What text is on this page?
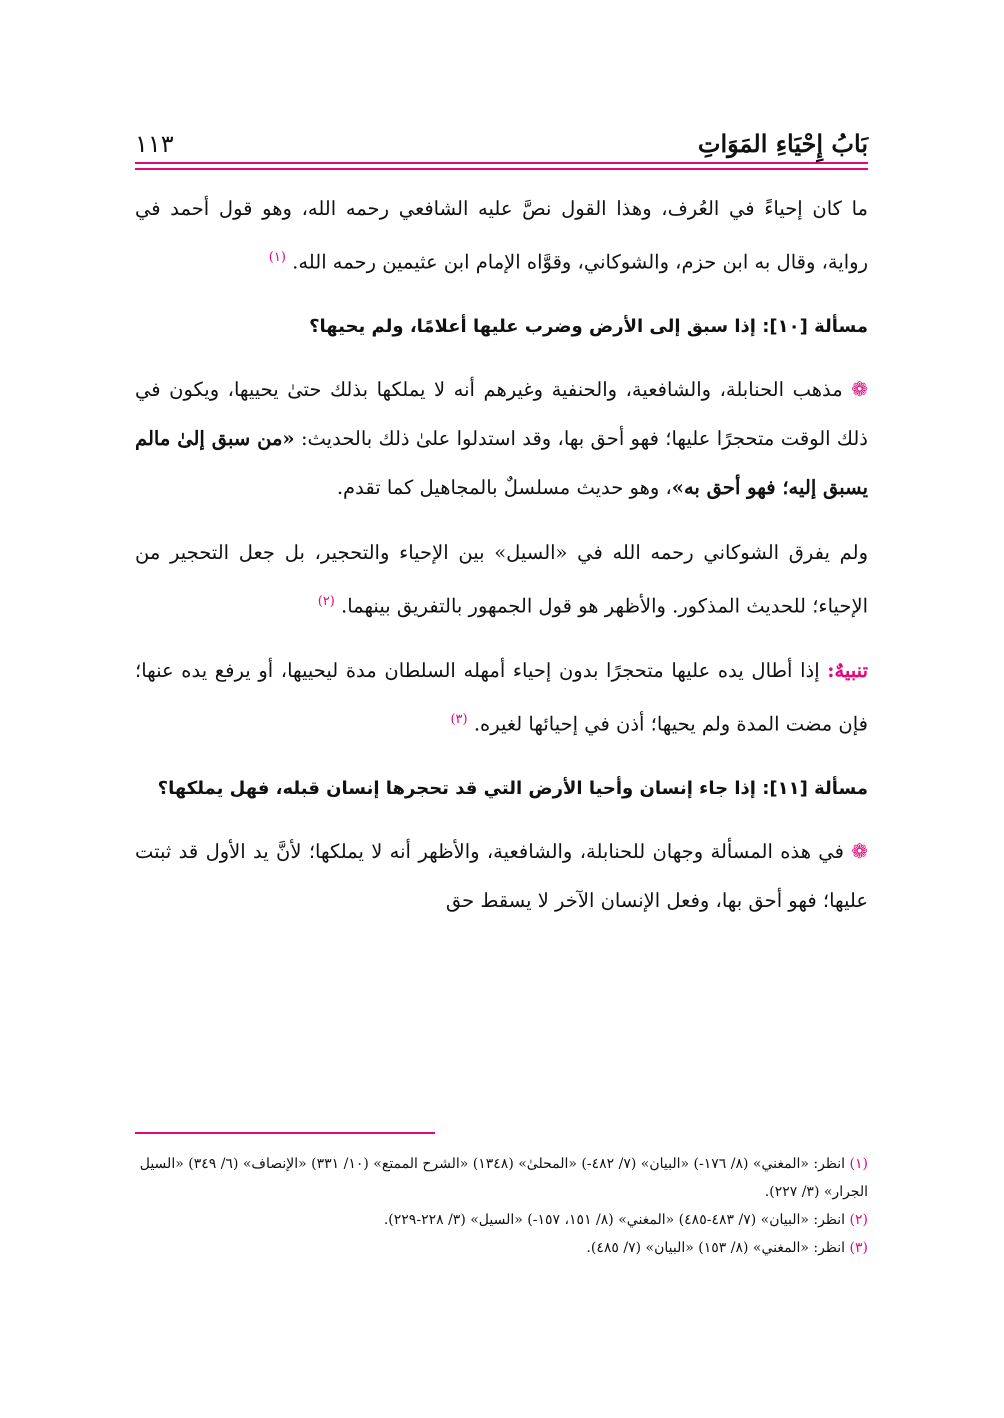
بَابُ إِحْيَاءِ المَوَاتِ
١١٣

ما كان إحياءً في العُرف، وهذا القول نصَّ عليه الشافعي رحمه الله، وهو قول أحمد في رواية، وقال به ابن حزم، والشوكاني، وقوَّاه الإمام ابن عثيمين رحمه الله. $^{(١)}$

مسألة [١٠]: إذا سبق إلى الأرض وضرب عليها أعلامًا، ولم يحيها؟

❁ مذهب الحنابلة، والشافعية، والحنفية وغيرهم أنه لا يملكها بذلك حتىٰ يحييها، ويكون في ذلك الوقت متحجرًا عليها؛ فهو أحق بها، وقد استدلوا علىٰ ذلك بالحديث: «من سبق إلىٰ مالم يسبق إليه؛ فهو أحق به»، وهو حديث مسلسلٌ بالمجاهيل كما تقدم.

ولم يفرق الشوكاني رحمه الله في «السيل» بين الإحياء والتحجير، بل جعل التحجير من الإحياء؛ للحديث المذكور. والأظهر هو قول الجمهور بالتفريق بينهما. $^{(٢)}$

تنبيهٌ: إذا أطال يده عليها متحجرًا بدون إحياء أمهله السلطان مدة ليحييها، أو يرفع يده عنها؛ فإن مضت المدة ولم يحيها؛ أذن في إحيائها لغيره. $^{(٣)}$

مسألة [١١]: إذا جاء إنسان وأحيا الأرض التي قد تحجرها إنسان قبله، فهل يملكها؟

❁ في هذه المسألة وجهان للحنابلة، والشافعية، والأظهر أنه لا يملكها؛ لأنَّ يد الأول قد ثبتت عليها؛ فهو أحق بها، وفعل الإنسان الآخر لا يسقط حق

(١) انظر: «المغني» (٨/ ١٧٦-) «البيان» (٧/ ٤٨٢-) «المحلىٰ» (١٣٤٨) «الشرح الممتع» (١٠/ ٣٣١) «الإنصاف» (٦/ ٣٤٩) «السيل الجرار» (٣/ ٢٢٧).

(٢) انظر: «البيان» (٧/ ٤٨٣-٤٨٥) «المغني» (٨/ ١٥١، ١٥٧-) «السيل» (٣/ ٢٢٨-٢٢٩).

(٣) انظر: «المغني» (٨/ ١٥٣) «البيان» (٧/ ٤٨٥).
